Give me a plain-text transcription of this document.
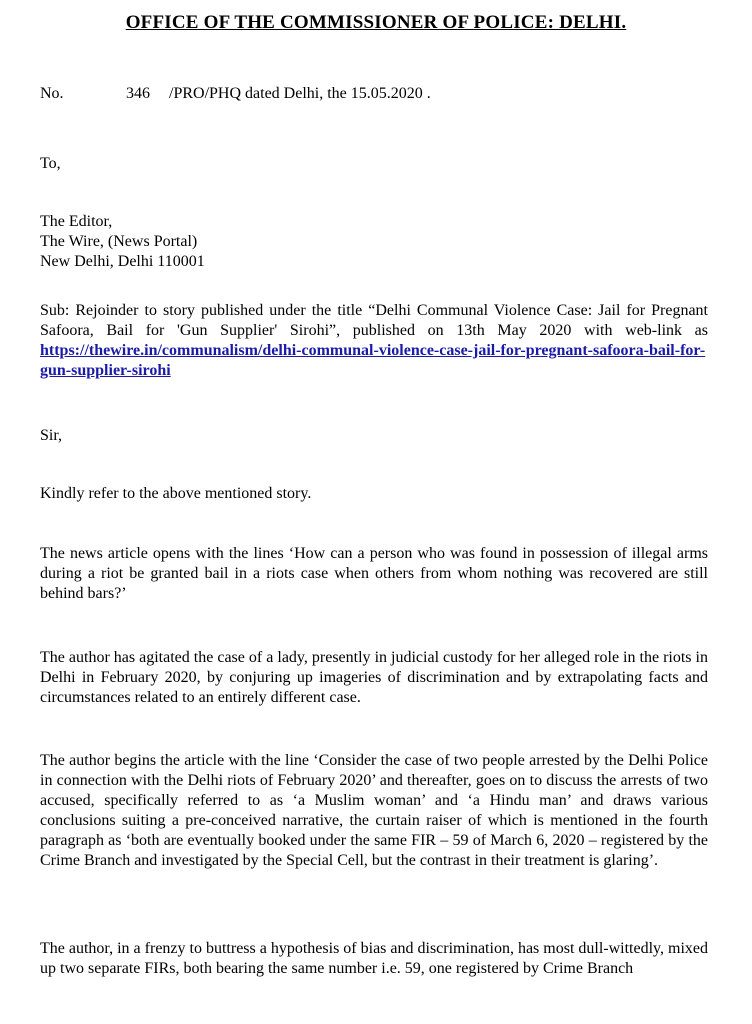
OFFICE OF THE COMMISSIONER OF POLICE: DELHI.
No.	346 /PRO/PHQ dated Delhi, the 15.05.2020 .
To,
The Editor,
The Wire, (News Portal)
New Delhi, Delhi 110001
Sub: Rejoinder to story published under the title “Delhi Communal Violence Case: Jail for Pregnant Safoora, Bail for 'Gun Supplier' Sirohi”, published on 13th May 2020 with web-link as https://thewire.in/communalism/delhi-communal-violence-case-jail-for-pregnant-safoora-bail-for-gun-supplier-sirohi
Sir,
Kindly refer to the above mentioned story.
The news article opens with the lines ‘How can a person who was found in possession of illegal arms during a riot be granted bail in a riots case when others from whom nothing was recovered are still behind bars?’
The author has agitated the case of a lady, presently in judicial custody for her alleged role in the riots in Delhi in February 2020, by conjuring up imageries of discrimination and by extrapolating facts and circumstances related to an entirely different case.
The author begins the article with the line ‘Consider the case of two people arrested by the Delhi Police in connection with the Delhi riots of February 2020’ and thereafter, goes on to discuss the arrests of two accused, specifically referred to as ‘a Muslim woman’ and ‘a Hindu man’ and draws various conclusions suiting a pre-conceived narrative, the curtain raiser of which is mentioned in the fourth paragraph as ‘both are eventually booked under the same FIR – 59 of March 6, 2020 – registered by the Crime Branch and investigated by the Special Cell, but the contrast in their treatment is glaring’.
The author, in a frenzy to buttress a hypothesis of bias and discrimination, has most dull-wittedly, mixed up two separate FIRs, both bearing the same number i.e. 59, one registered by Crime Branch
